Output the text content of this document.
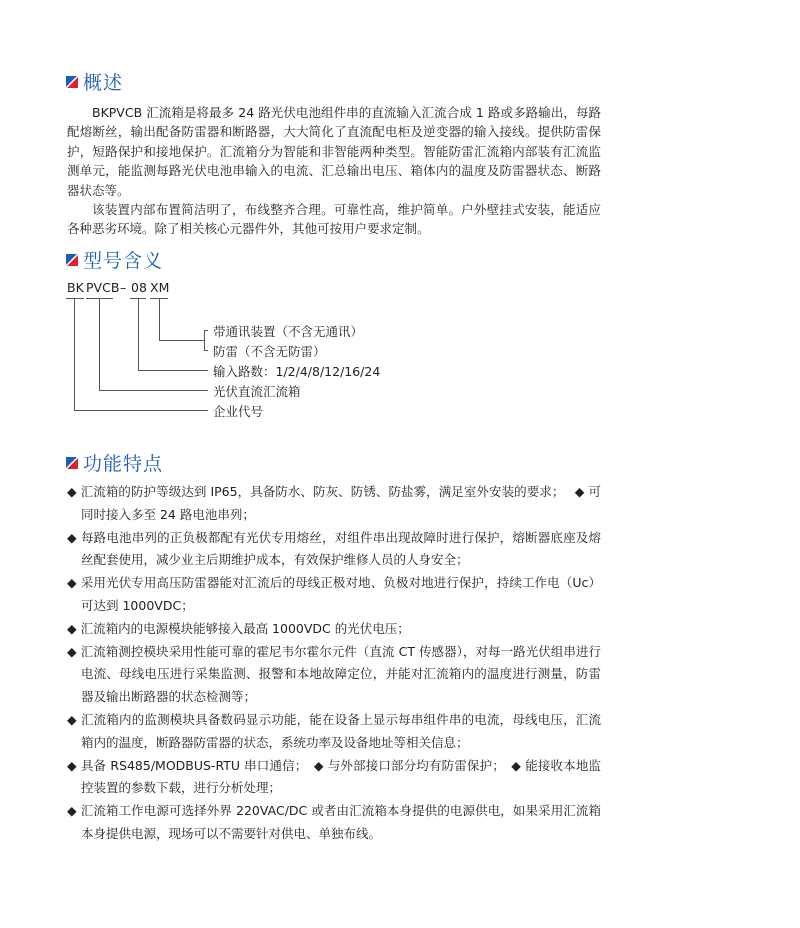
概述

BKPVCB 汇流箱是将最多 24 路光伏电池组件串的直流输入汇流合成 1 路或多路输出，每路配熔断丝，输出配备防雷器和断路器，大大简化了直流配电柜及逆变器的输入接线。提供防雷保护，短路保护和接地保护。汇流箱分为智能和非智能两种类型。智能防雷汇流箱内部装有汇流监测单元，能监测每路光伏电池串输入的电流、汇总输出电压、箱体内的温度及防雷器状态、断路器状态等。

该装置内部布置简洁明了，布线整齐合理。可靠性高，维护简单。户外壁挂式安装，能适应各种恶劣环境。除了相关核心元器件外，其他可按用户要求定制。

型号含义
BK PVCB – 08 XM
带通讯装置（不含无通讯）
防雷（不含无防雷）
输入路数：1/2/4/8/12/16/24
光伏直流汇流箱
企业代号
功能特点

◆ 汇流箱的防护等级达到 IP65，具备防水、防灰、防锈、防盐雾，满足室外安装的要求；　 ◆ 可同时接入多至 24 路电池串列；

◆ 每路电池串列的正负极都配有光伏专用熔丝，对组件串出现故障时进行保护，熔断器底座及熔丝配套使用，减少业主后期维护成本，有效保护维修人员的人身安全；

◆ 采用光伏专用高压防雷器能对汇流后的母线正极对地、负极对地进行保护，持续工作电（Uc）可达到 1000VDC；

◆ 汇流箱内的电源模块能够接入最高 1000VDC 的光伏电压；

◆ 汇流箱测控模块采用性能可靠的霍尼韦尔霍尔元件（直流 CT 传感器），对每一路光伏组串进行电流、母线电压进行采集监测、报警和本地故障定位，并能对汇流箱内的温度进行测量，防雷器及输出断路器的状态检测等；

◆ 汇流箱内的监测模块具备数码显示功能，能在设备上显示每串组件串的电流，母线电压，汇流箱内的温度，断路器防雷器的状态，系统功率及设备地址等相关信息；

◆ 具备 RS485/MODBUS-RTU 串口通信；　◆ 与外部接口部分均有防雷保护；　◆ 能接收本地监控装置的参数下载，进行分析处理；

◆ 汇流箱工作电源可选择外界 220VAC/DC 或者由汇流箱本身提供的电源供电，如果采用汇流箱本身提供电源，现场可以不需要针对供电、单独布线。
